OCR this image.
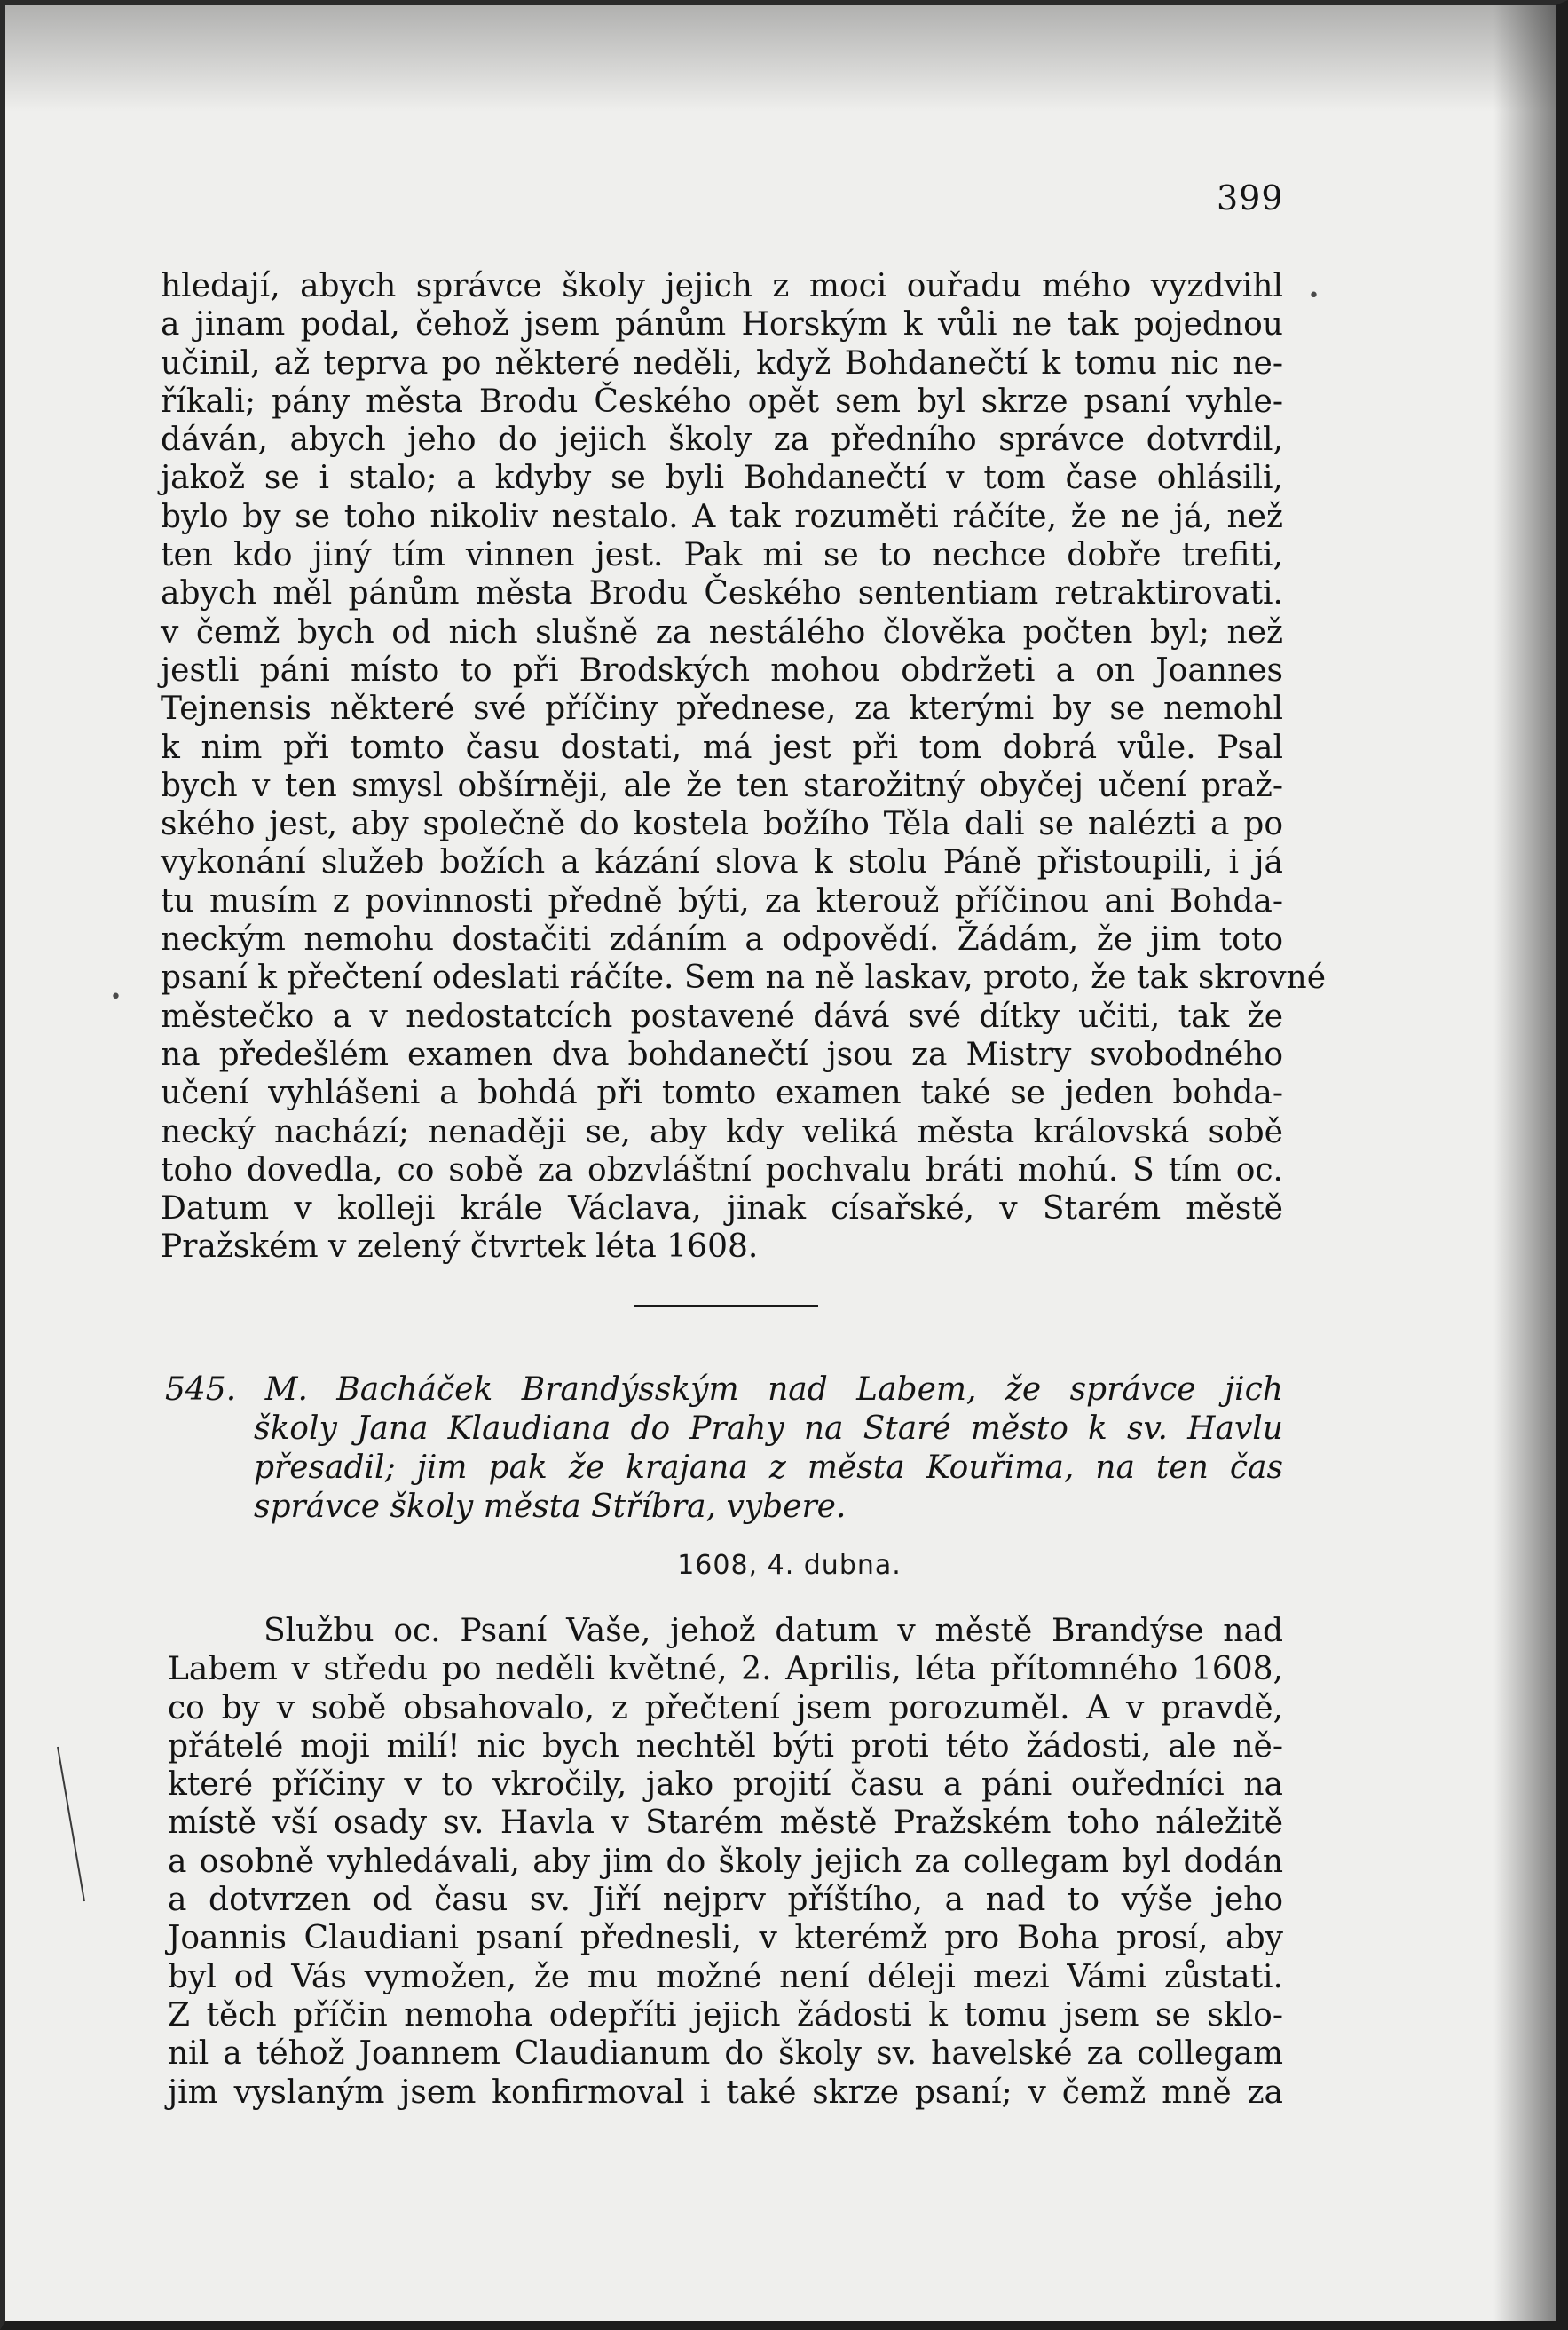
399
hledají, abych správce školy jejich z moci ouřadu mého vyzdvihl
a jinam podal, čehož jsem pánům Horským k vůli ne tak pojednou
učinil, až teprva po některé neděli, když Bohdanečtí k tomu nic ne-
říkali; pány města Brodu Českého opět sem byl skrze psaní vyhle-
dáván, abych jeho do jejich školy za předního správce dotvrdil,
jakož se i stalo; a kdyby se byli Bohdanečtí v tom čase ohlásili,
bylo by se toho nikoliv nestalo. A tak rozuměti ráčíte, že ne já, než
ten kdo jiný tím vinnen jest. Pak mi se to nechce dobře trefiti,
abych měl pánům města Brodu Českého sententiam retraktirovati.
v čemž bych od nich slušně za nestálého člověka počten byl; než
jestli páni místo to při Brodských mohou obdržeti a on Joannes
Tejnensis některé své příčiny přednese, za kterými by se nemohl
k nim při tomto času dostati, má jest při tom dobrá vůle. Psal
bych v ten smysl obšírněji, ale že ten starožitný obyčej učení praž-
ského jest, aby společně do kostela božího Těla dali se nalézti a po
vykonání služeb božích a kázání slova k stolu Páně přistoupili, i já
tu musím z povinnosti předně býti, za kterouž příčinou ani Bohda-
neckým nemohu dostačiti zdáním a odpovědí. Žádám, že jim toto
psaní k přečtení odeslati ráčíte. Sem na ně laskav, proto, že tak skrovné
městečko a v nedostatcích postavené dává své dítky učiti, tak že
na předešlém examen dva bohdanečtí jsou za Mistry svobodného
učení vyhlášeni a bohdá při tomto examen také se jeden bohda-
necký nachází; nenaději se, aby kdy veliká města královská sobě
toho dovedla, co sobě za obzvláštní pochvalu bráti mohú. S tím oc.
Datum v kolleji krále Václava, jinak císařské, v Starém městě
Pražském v zelený čtvrtek léta 1608.
545. M. Bacháček Brandýsským nad Labem, že správce jich
školy Jana Klaudiana do Prahy na Staré město k sv. Havlu
přesadil; jim pak že krajana z města Kouřima, na ten čas
správce školy města Stříbra, vybere.
1608, 4. dubna.
Službu oc. Psaní Vaše, jehož datum v městě Brandýse nad
Labem v středu po neděli květné, 2. Aprilis, léta přítomného 1608,
co by v sobě obsahovalo, z přečtení jsem porozuměl. A v pravdě,
přátelé moji milí! nic bych nechtěl býti proti této žádosti, ale ně-
které příčiny v to vkročily, jako projití času a páni ouředníci na
místě vší osady sv. Havla v Starém městě Pražském toho náležitě
a osobně vyhledávali, aby jim do školy jejich za collegam byl dodán
a dotvrzen od času sv. Jiří nejprv příštího, a nad to výše jeho
Joannis Claudiani psaní přednesli, v kterémž pro Boha prosí, aby
byl od Vás vymožen, že mu možné není déleji mezi Vámi zůstati.
Z těch příčin nemoha odepříti jejich žádosti k tomu jsem se sklo-
nil a téhož Joannem Claudianum do školy sv. havelské za collegam
jim vyslaným jsem konfirmoval i také skrze psaní; v čemž mně za
•
•
